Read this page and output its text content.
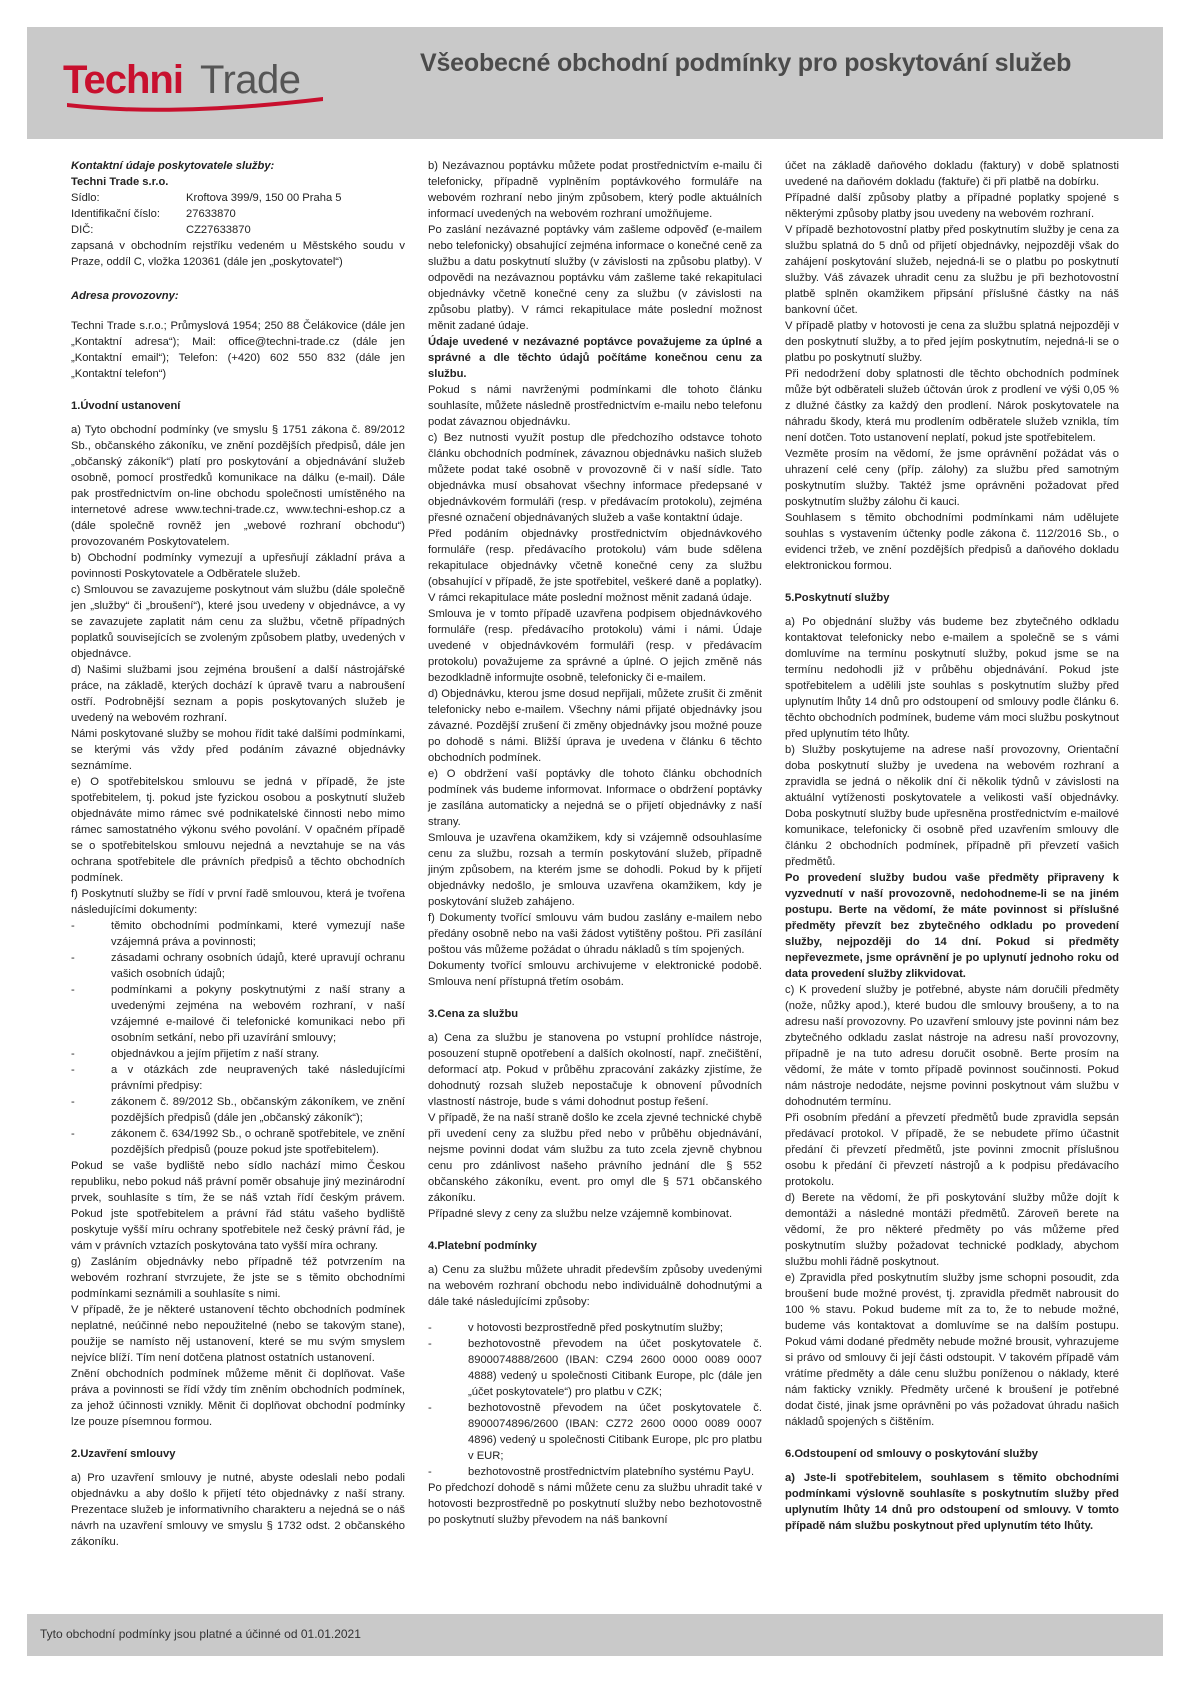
Techni Trade	Všeobecné obchodní podmínky pro poskytování služeb

Kontaktní údaje poskytovatele služby:

Techni Trade s.r.o.

Sídlo:	Kroftova 399/9, 150 00 Praha 5
Identifikační číslo:	27633870
DIČ:	CZ27633870

zapsaná v obchodním rejstříku vedeném u Městského soudu v Praze, oddíl C, vložka 120361 (dále jen „poskytovatel“)

Adresa provozovny:

Techni Trade s.r.o.; Průmyslová 1954; 250 88 Čelákovice (dále jen „Kontaktní adresa“); Mail: office@techni-trade.cz (dále jen „Kontaktní email“); Telefon: (+420) 602 550 832 (dále jen „Kontaktní telefon“)

1.Úvodní ustanovení

a) Tyto obchodní podmínky (ve smyslu § 1751 zákona č. 89/2012 Sb., občanského zákoníku, ve znění pozdějších předpisů, dále jen „občanský zákoník“) platí pro poskytování a objednávání služeb osobně, pomocí prostředků komunikace na dálku (e-mail). Dále pak prostřednictvím on-line obchodu společnosti umístěného na internetové adrese www.techni-trade.cz, www.techni-eshop.cz a (dále společně rovněž jen „webové rozhraní obchodu“) provozovaném Poskytovatelem.

b) Obchodní podmínky vymezují a upřesňují základní práva a povinnosti Poskytovatele a Odběratele služeb.

c) Smlouvou se zavazujeme poskytnout vám službu (dále společně jen „služby“ či „broušení“), které jsou uvedeny v objednávce, a vy se zavazujete zaplatit nám cenu za službu, včetně případných poplatků souvisejících se zvoleným způsobem platby, uvedených v objednávce.

d) Našimi službami jsou zejména broušení a další nástrojářské práce, na základě, kterých dochází k úpravě tvaru a nabroušení ostří. Podrobnější seznam a popis poskytovaných služeb je uvedený na webovém rozhraní.

Námi poskytované služby se mohou řídit také dalšími podmínkami, se kterými vás vždy před podáním závazné objednávky seznámíme.

e) O spotřebitelskou smlouvu se jedná v případě, že jste spotřebitelem, tj. pokud jste fyzickou osobou a poskytnutí služeb objednáváte mimo rámec své podnikatelské činnosti nebo mimo rámec samostatného výkonu svého povolání. V opačném případě se o spotřebitelskou smlouvu nejedná a nevztahuje se na vás ochrana spotřebitele dle právních předpisů a těchto obchodních podmínek.

f) Poskytnutí služby se řídí v první řadě smlouvou, která je tvořena následujícími dokumenty:

-	těmito obchodními podmínkami, které vymezují naše vzájemná práva a povinnosti;
-	zásadami ochrany osobních údajů, které upravují ochranu vašich osobních údajů;
-	podmínkami a pokyny poskytnutými z naší strany a uvedenými zejména na webovém rozhraní, v naší vzájemné e-mailové či telefonické komunikaci nebo při osobním setkání, nebo při uzavírání smlouvy;
-	objednávkou a jejím přijetím z naší strany.
-	a v otázkách zde neupravených také následujícími právními předpisy:
-	zákonem č. 89/2012 Sb., občanským zákoníkem, ve znění pozdějších předpisů (dále jen „občanský zákoník“);
-	zákonem č. 634/1992 Sb., o ochraně spotřebitele, ve znění pozdějších předpisů (pouze pokud jste spotřebitelem).

Pokud se vaše bydliště nebo sídlo nachází mimo Českou republiku, nebo pokud náš právní poměr obsahuje jiný mezinárodní prvek, souhlasíte s tím, že se náš vztah řídí českým právem. Pokud jste spotřebitelem a právní řád státu vašeho bydliště poskytuje vyšší míru ochrany spotřebitele než český právní řád, je vám v právních vztazích poskytována tato vyšší míra ochrany.

g) Zasláním objednávky nebo případně též potvrzením na webovém rozhraní stvrzujete, že jste se s těmito obchodními podmínkami seznámili a souhlasíte s nimi.

V případě, že je některé ustanovení těchto obchodních podmínek neplatné, neúčinné nebo nepoužitelné (nebo se takovým stane), použije se namísto něj ustanovení, které se mu svým smyslem nejvíce blíží. Tím není dotčena platnost ostatních ustanovení.

Znění obchodních podmínek můžeme měnit či doplňovat. Vaše práva a povinnosti se řídí vždy tím zněním obchodních podmínek, za jehož účinnosti vznikly. Měnit či doplňovat obchodní podmínky lze pouze písemnou formou.

2.Uzavření smlouvy

a) Pro uzavření smlouvy je nutné, abyste odeslali nebo podali objednávku a aby došlo k přijetí této objednávky z naší strany. Prezentace služeb je informativního charakteru a nejedná se o náš návrh na uzavření smlouvy ve smyslu § 1732 odst. 2 občanského zákoníku.

b) Nezávaznou poptávku můžete podat prostřednictvím e-mailu či telefonicky, případně vyplněním poptávkového formuláře na webovém rozhraní nebo jiným způsobem, který podle aktuálních informací uvedených na webovém rozhraní umožňujeme.

Po zaslání nezávazné poptávky vám zašleme odpověď (e-mailem nebo telefonicky) obsahující zejména informace o konečné ceně za službu a datu poskytnutí služby (v závislosti na způsobu platby). V odpovědi na nezávaznou poptávku vám zašleme také rekapitulaci objednávky včetně konečné ceny za službu (v závislosti na způsobu platby). V rámci rekapitulace máte poslední možnost měnit zadané údaje.

Údaje uvedené v nezávazné poptávce považujeme za úplné a správné a dle těchto údajů počítáme konečnou cenu za službu.

Pokud s námi navrženými podmínkami dle tohoto článku souhlasíte, můžete následně prostřednictvím e-mailu nebo telefonu podat závaznou objednávku.

c) Bez nutnosti využít postup dle předchozího odstavce tohoto článku obchodních podmínek, závaznou objednávku našich služeb můžete podat také osobně v provozovně či v naší sídle. Tato objednávka musí obsahovat všechny informace předepsané v objednávkovém formuláři (resp. v předávacím protokolu), zejména přesné označení objednávaných služeb a vaše kontaktní údaje.

Před podáním objednávky prostřednictvím objednávkového formuláře (resp. předávacího protokolu) vám bude sdělena rekapitulace objednávky včetně konečné ceny za službu (obsahující v případě, že jste spotřebitel, veškeré daně a poplatky). V rámci rekapitulace máte poslední možnost měnit zadaná údaje.

Smlouva je v tomto případě uzavřena podpisem objednávkového formuláře (resp. předávacího protokolu) vámi i námi. Údaje uvedené v objednávkovém formuláři (resp. v předávacím protokolu) považujeme za správné a úplné. O jejich změně nás bezodkladně informujte osobně, telefonicky či e-mailem.

d) Objednávku, kterou jsme dosud nepřijali, můžete zrušit či změnit telefonicky nebo e-mailem. Všechny námi přijaté objednávky jsou závazné. Pozdější zrušení či změny objednávky jsou možné pouze po dohodě s námi. Bližší úprava je uvedena v článku 6 těchto obchodních podmínek.

e) O obdržení vaší poptávky dle tohoto článku obchodních podmínek vás budeme informovat. Informace o obdržení poptávky je zasílána automaticky a nejedná se o přijetí objednávky z naší strany.

Smlouva je uzavřena okamžikem, kdy si vzájemně odsouhlasíme cenu za službu, rozsah a termín poskytování služeb, případně jiným způsobem, na kterém jsme se dohodli. Pokud by k přijetí objednávky nedošlo, je smlouva uzavřena okamžikem, kdy je poskytování služeb zahájeno.

f) Dokumenty tvořící smlouvu vám budou zaslány e-mailem nebo předány osobně nebo na vaši žádost vytištěny poštou. Při zasílání poštou vás můžeme požádat o úhradu nákladů s tím spojených.

Dokumenty tvořící smlouvu archivujeme v elektronické podobě. Smlouva není přístupná třetím osobám.

3.Cena za službu

a) Cena za službu je stanovena po vstupní prohlídce nástroje, posouzení stupně opotřebení a dalších okolností, např. znečištění, deformací atp. Pokud v průběhu zpracování zakázky zjistíme, že dohodnutý rozsah služeb nepostačuje k obnovení původních vlastností nástroje, bude s vámi dohodnut postup řešení.

V případě, že na naší straně došlo ke zcela zjevné technické chybě při uvedení ceny za službu před nebo v průběhu objednávání, nejsme povinni dodat vám službu za tuto zcela zjevně chybnou cenu pro zdánlivost našeho právního jednání dle § 552 občanského zákoníku, event. pro omyl dle § 571 občanského zákoníku.

Případné slevy z ceny za službu nelze vzájemně kombinovat.

4.Platební podmínky

a) Cenu za službu můžete uhradit především způsoby uvedenými na webovém rozhraní obchodu nebo individuálně dohodnutými a dále také následujícími způsoby:

-	v hotovosti bezprostředně před poskytnutím služby;
-	bezhotovostně převodem na účet poskytovatele č. 8900074888/2600 (IBAN: CZ94 2600 0000 0089 0007 4888) vedený u společnosti Citibank Europe, plc (dále jen „účet poskytovatele“) pro platbu v CZK;
-	bezhotovostně převodem na účet poskytovatele č. 8900074896/2600 (IBAN: CZ72 2600 0000 0089 0007 4896) vedený u společnosti Citibank Europe, plc pro platbu v EUR;
-	bezhotovostně prostřednictvím platebního systému PayU.

Po předchozí dohodě s námi můžete cenu za službu uhradit také v hotovosti bezprostředně po poskytnutí služby nebo bezhotovostně po poskytnutí služby převodem na náš bankovní

účet na základě daňového dokladu (faktury) v době splatnosti uvedené na daňovém dokladu (faktuře) či při platbě na dobírku.

Případné další způsoby platby a případné poplatky spojené s některými způsoby platby jsou uvedeny na webovém rozhraní.

V případě bezhotovostní platby před poskytnutím služby je cena za službu splatná do 5 dnů od přijetí objednávky, nejpozději však do zahájení poskytování služeb, nejedná-li se o platbu po poskytnutí služby. Váš závazek uhradit cenu za službu je při bezhotovostní platbě splněn okamžikem připsání příslušné částky na náš bankovní účet.

V případě platby v hotovosti je cena za službu splatná nejpozději v den poskytnutí služby, a to před jejím poskytnutím, nejedná-li se o platbu po poskytnutí služby.

Při nedodržení doby splatnosti dle těchto obchodních podmínek může být odběrateli služeb účtován úrok z prodlení ve výši 0,05 % z dlužné částky za každý den prodlení. Nárok poskytovatele na náhradu škody, která mu prodlením odběratele služeb vznikla, tím není dotčen. Toto ustanovení neplatí, pokud jste spotřebitelem.

Vezměte prosím na vědomí, že jsme oprávnění požádat vás o uhrazení celé ceny (příp. zálohy) za službu před samotným poskytnutím služby. Taktéž jsme oprávněni požadovat před poskytnutím služby zálohu či kauci.

Souhlasem s těmito obchodními podmínkami nám udělujete souhlas s vystavením účtenky podle zákona č. 112/2016 Sb., o evidenci tržeb, ve znění pozdějších předpisů a daňového dokladu elektronickou formou.

5.Poskytnutí služby

a) Po objednání služby vás budeme bez zbytečného odkladu kontaktovat telefonicky nebo e-mailem a společně se s vámi domluvíme na termínu poskytnutí služby, pokud jsme se na termínu nedohodli již v průběhu objednávání. Pokud jste spotřebitelem a udělili jste souhlas s poskytnutím služby před uplynutím lhůty 14 dnů pro odstoupení od smlouvy podle článku 6. těchto obchodních podmínek, budeme vám moci službu poskytnout před uplynutím této lhůty.

b) Služby poskytujeme na adrese naší provozovny, Orientační doba poskytnutí služby je uvedena na webovém rozhraní a zpravidla se jedná o několik dní či několik týdnů v závislosti na aktuální vytíženosti poskytovatele a velikosti vaší objednávky. Doba poskytnutí služby bude upřesněna prostřednictvím e-mailové komunikace, telefonicky či osobně před uzavřením smlouvy dle článku 2 obchodních podmínek, případně při převzetí vašich předmětů.

Po provedení služby budou vaše předměty připraveny k vyzvednutí v naší provozovně, nedohodneme-li se na jiném postupu. Berte na vědomí, že máte povinnost si příslušné předměty převzít bez zbytečného odkladu po provedení služby, nejpozději do 14 dní. Pokud si předměty nepřevezmete, jsme oprávnění je po uplynutí jednoho roku od data provedení služby zlikvidovat.

c) K provedení služby je potřebné, abyste nám doručili předměty (nože, nůžky apod.), které budou dle smlouvy broušeny, a to na adresu naší provozovny. Po uzavření smlouvy jste povinni nám bez zbytečného odkladu zaslat nástroje na adresu naší provozovny, případně je na tuto adresu doručit osobně. Berte prosím na vědomí, že máte v tomto případě povinnost součinnosti. Pokud nám nástroje nedodáte, nejsme povinni poskytnout vám službu v dohodnutém termínu.

Při osobním předání a převzetí předmětů bude zpravidla sepsán předávací protokol. V případě, že se nebudete přímo účastnit předání či převzetí předmětů, jste povinni zmocnit příslušnou osobu k předání či převzetí nástrojů a k podpisu předávacího protokolu.

d) Berete na vědomí, že při poskytování služby může dojít k demontáži a následné montáži předmětů. Zároveň berete na vědomí, že pro některé předměty po vás můžeme před poskytnutím služby požadovat technické podklady, abychom službu mohli řádně poskytnout.

e) Zpravidla před poskytnutím služby jsme schopni posoudit, zda broušení bude možné provést, tj. zpravidla předmět nabrousit do 100 % stavu. Pokud budeme mít za to, že to nebude možné, budeme vás kontaktovat a domluvíme se na dalším postupu. Pokud vámi dodané předměty nebude možné brousit, vyhrazujeme si právo od smlouvy či její části odstoupit. V takovém případě vám vrátíme předměty a dále cenu službu poníženou o náklady, které nám fakticky vznikly. Předměty určené k broušení je potřebné dodat čisté, jinak jsme oprávněni po vás požadovat úhradu našich nákladů spojených s čištěním.

6.Odstoupení od smlouvy o poskytování služby

a) Jste-li spotřebitelem, souhlasem s těmito obchodními podmínkami výslovně souhlasíte s poskytnutím služby před uplynutím lhůty 14 dnů pro odstoupení od smlouvy. V tomto případě nám službu poskytnout před uplynutím této lhůty.

Tyto obchodní podmínky jsou platné a účinné od 01.01.2021
